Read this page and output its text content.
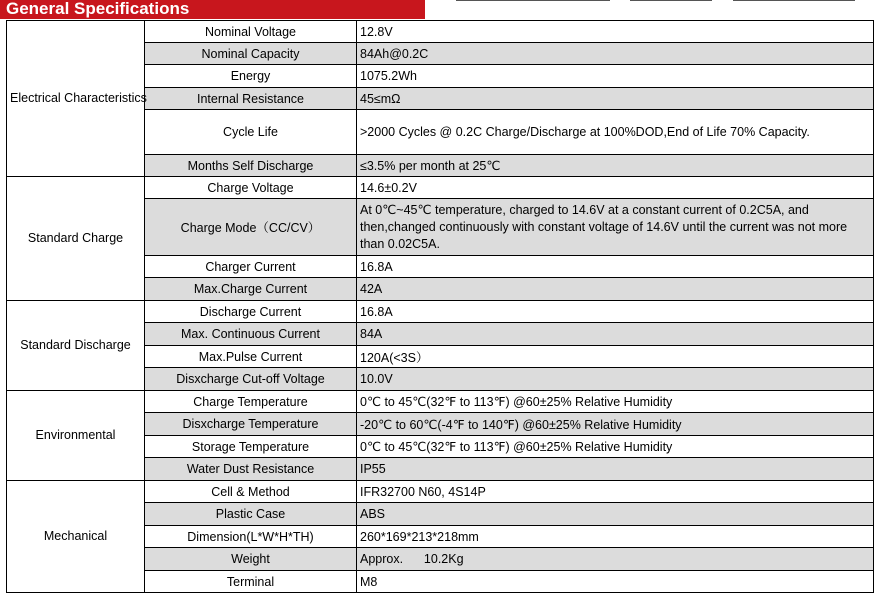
General Specifications
Electrical Characteristics	Nominal Voltage	12.8V
	Nominal Capacity	84Ah@0.2C
	Energy	1075.2Wh
	Internal Resistance	45≤mΩ
	Cycle Life	>2000 Cycles @ 0.2C Charge/Discharge at 100%DOD,End of Life 70% Capacity.
	Months Self Discharge	≤3.5% per month at 25℃
Standard Charge	Charge Voltage	14.6±0.2V
	Charge Mode（CC/CV）	At 0℃~45℃ temperature, charged to 14.6V at a constant current of 0.2C5A, and then,changed continuously with constant voltage of 14.6V until the current was not more than 0.02C5A.
	Charger Current	16.8A
	Max.Charge Current	42A
Standard Discharge	Discharge Current	16.8A
	Max. Continuous Current	84A
	Max.Pulse Current	120A(<3S）
	Disxcharge Cut-off Voltage	10.0V
Environmental	Charge Temperature	0℃ to 45℃(32℉ to 113℉) @60±25% Relative Humidity
	Disxcharge Temperature	-20℃ to 60℃(-4℉ to 140℉) @60±25% Relative Humidity
	Storage Temperature	0℃ to 45℃(32℉ to 113℉) @60±25% Relative Humidity
	Water Dust Resistance	IP55
Mechanical	Cell & Method	IFR32700 N60, 4S14P
	Plastic Case	ABS
	Dimension(L*W*H*TH)	260*169*213*218mm
	Weight	Approx.      10.2Kg
	Terminal	M8
